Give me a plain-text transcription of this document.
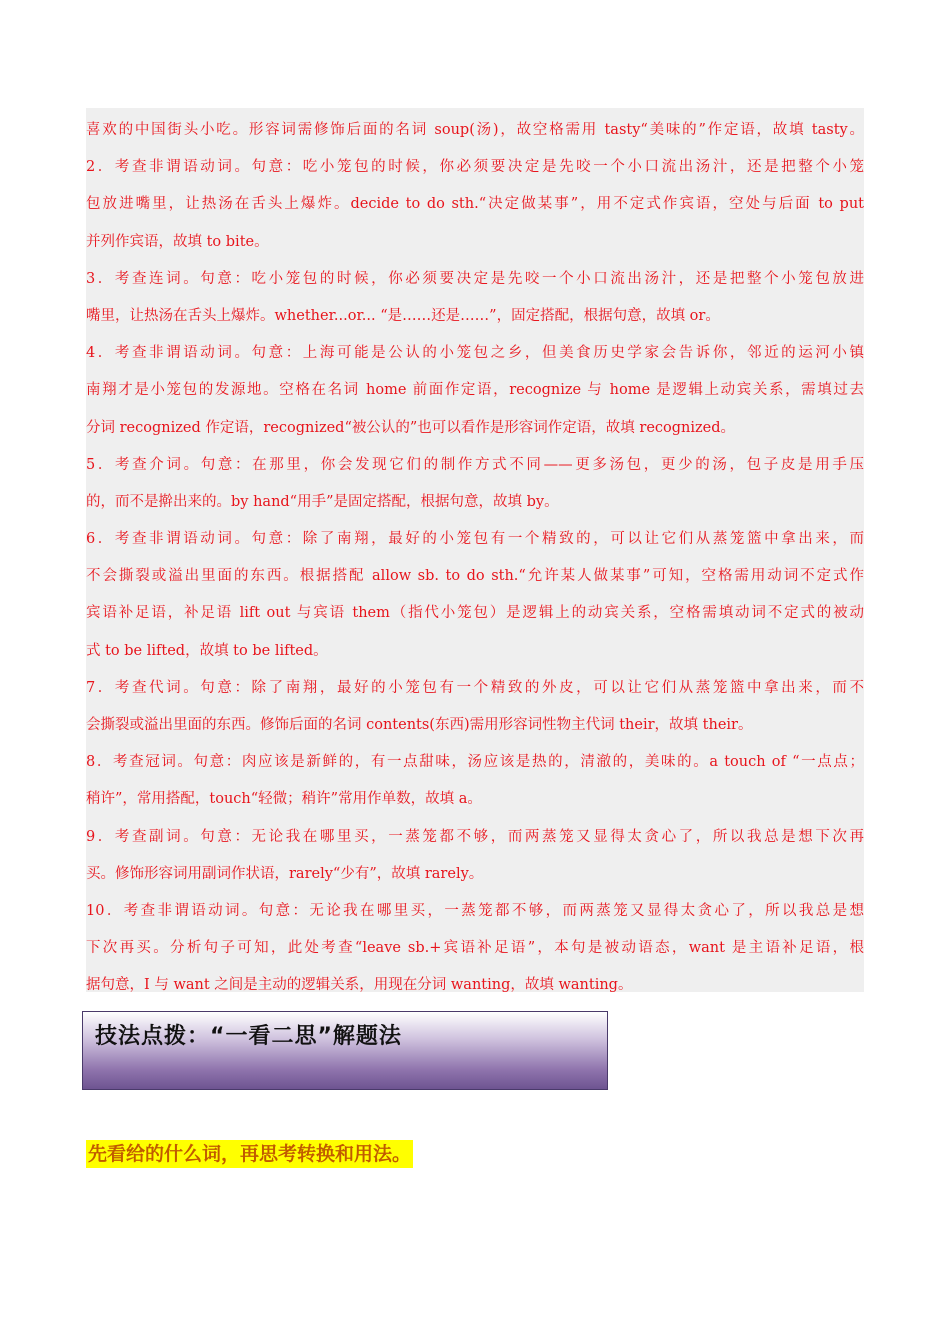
喜欢的中国街头小吃。形容词需修饰后面的名词 soup(汤)，故空格需用 tasty“美味的”作定语，故填 tasty。
2．考查非谓语动词。句意：吃小笼包的时候，你必须要决定是先咬一个小口流出汤汁，还是把整个小笼
包放进嘴里，让热汤在舌头上爆炸。decide to do sth.“决定做某事”，用不定式作宾语，空处与后面 to put
并列作宾语，故填 to bite。
3．考查连词。句意：吃小笼包的时候，你必须要决定是先咬一个小口流出汤汁，还是把整个小笼包放进
嘴里，让热汤在舌头上爆炸。whether...or... “是……还是……”，固定搭配，根据句意，故填 or。
4．考查非谓语动词。句意：上海可能是公认的小笼包之乡，但美食历史学家会告诉你，邻近的运河小镇
南翔才是小笼包的发源地。空格在名词 home 前面作定语，recognize 与 home 是逻辑上动宾关系，需填过去
分词 recognized 作定语，recognized“被公认的”也可以看作是形容词作定语，故填 recognized。
5．考查介词。句意：在那里，你会发现它们的制作方式不同——更多汤包，更少的汤，包子皮是用手压
的，而不是擀出来的。by hand“用手”是固定搭配，根据句意，故填 by。
6．考查非谓语动词。句意：除了南翔，最好的小笼包有一个精致的，可以让它们从蒸笼篮中拿出来，而
不会撕裂或溢出里面的东西。根据搭配 allow sb. to do sth.“允许某人做某事”可知，空格需用动词不定式作
宾语补足语，补足语 lift out 与宾语 them（指代小笼包）是逻辑上的动宾关系，空格需填动词不定式的被动
式 to be lifted，故填 to be lifted。
7．考查代词。句意：除了南翔，最好的小笼包有一个精致的外皮，可以让它们从蒸笼篮中拿出来，而不
会撕裂或溢出里面的东西。修饰后面的名词 contents(东西)需用形容词性物主代词 their，故填 their。
8．考查冠词。句意：肉应该是新鲜的，有一点甜味，汤应该是热的，清澈的，美味的。a touch of “一点点；
稍许”，常用搭配，touch“轻微；稍许”常用作单数，故填 a。
9．考查副词。句意：无论我在哪里买，一蒸笼都不够，而两蒸笼又显得太贪心了，所以我总是想下次再
买。修饰形容词用副词作状语，rarely“少有”，故填 rarely。
10．考查非谓语动词。句意：无论我在哪里买，一蒸笼都不够，而两蒸笼又显得太贪心了，所以我总是想
下次再买。分析句子可知，此处考查“leave sb.+宾语补足语”，本句是被动语态，want 是主语补足语，根
据句意，I 与 want 之间是主动的逻辑关系，用现在分词 wanting，故填 wanting。
技法点拨：“一看二思”解题法
先看给的什么词，再思考转换和用法。
